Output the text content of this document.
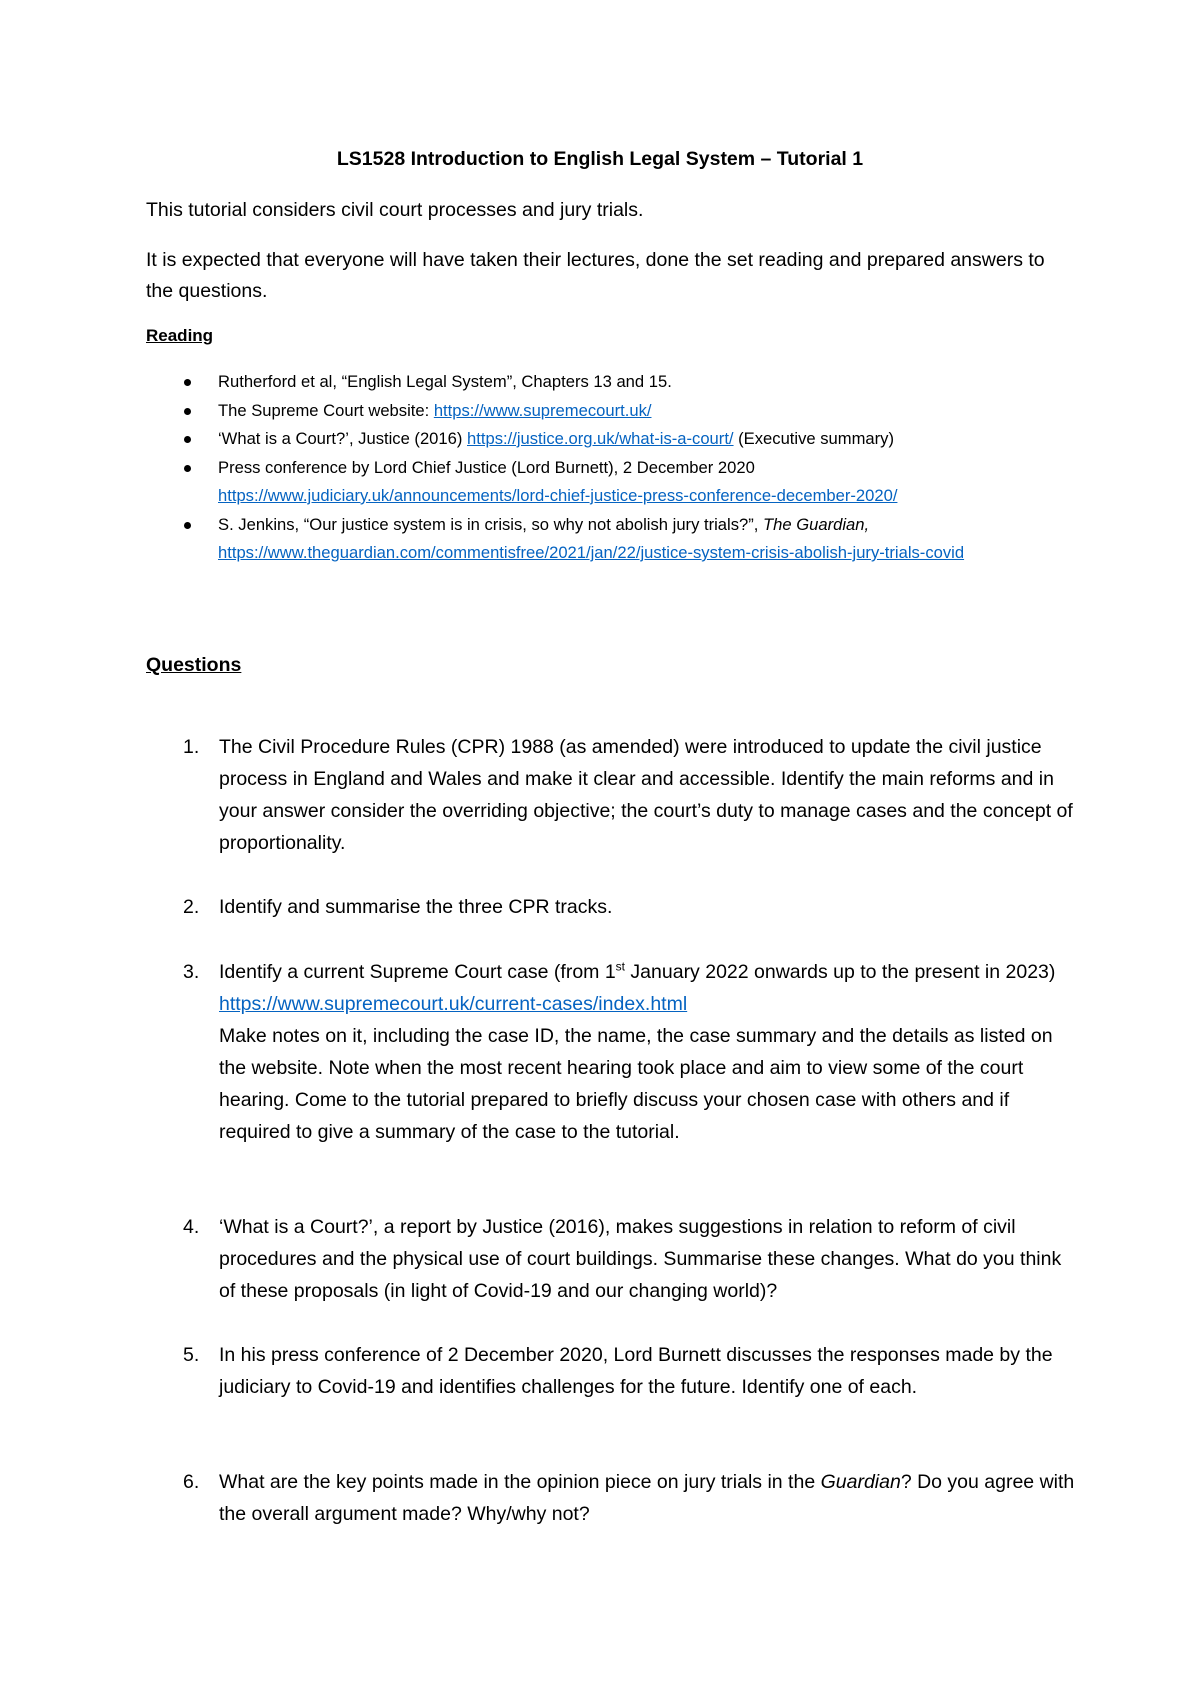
LS1528 Introduction to English Legal System – Tutorial 1
This tutorial considers civil court processes and jury trials.
It is expected that everyone will have taken their lectures, done the set reading and prepared answers to the questions.
Reading
Rutherford et al, “English Legal System”, Chapters 13 and 15.
The Supreme Court website: https://www.supremecourt.uk/
‘What is a Court?’, Justice (2016) https://justice.org.uk/what-is-a-court/ (Executive summary)
Press conference by Lord Chief Justice (Lord Burnett), 2 December 2020 https://www.judiciary.uk/announcements/lord-chief-justice-press-conference-december-2020/
S. Jenkins, “Our justice system is in crisis, so why not abolish jury trials?”, The Guardian, https://www.theguardian.com/commentisfree/2021/jan/22/justice-system-crisis-abolish-jury-trials-covid
Questions
1. The Civil Procedure Rules (CPR) 1988 (as amended) were introduced to update the civil justice process in England and Wales and make it clear and accessible. Identify the main reforms and in your answer consider the overriding objective; the court’s duty to manage cases and the concept of proportionality.
2. Identify and summarise the three CPR tracks.
3. Identify a current Supreme Court case (from 1st January 2022 onwards up to the present in 2023)
https://www.supremecourt.uk/current-cases/index.html
Make notes on it, including the case ID, the name, the case summary and the details as listed on the website. Note when the most recent hearing took place and aim to view some of the court hearing. Come to the tutorial prepared to briefly discuss your chosen case with others and if required to give a summary of the case to the tutorial.
4. ‘What is a Court?’, a report by Justice (2016), makes suggestions in relation to reform of civil procedures and the physical use of court buildings. Summarise these changes. What do you think of these proposals (in light of Covid-19 and our changing world)?
5. In his press conference of 2 December 2020, Lord Burnett discusses the responses made by the judiciary to Covid-19 and identifies challenges for the future. Identify one of each.
6. What are the key points made in the opinion piece on jury trials in the Guardian? Do you agree with the overall argument made? Why/why not?
